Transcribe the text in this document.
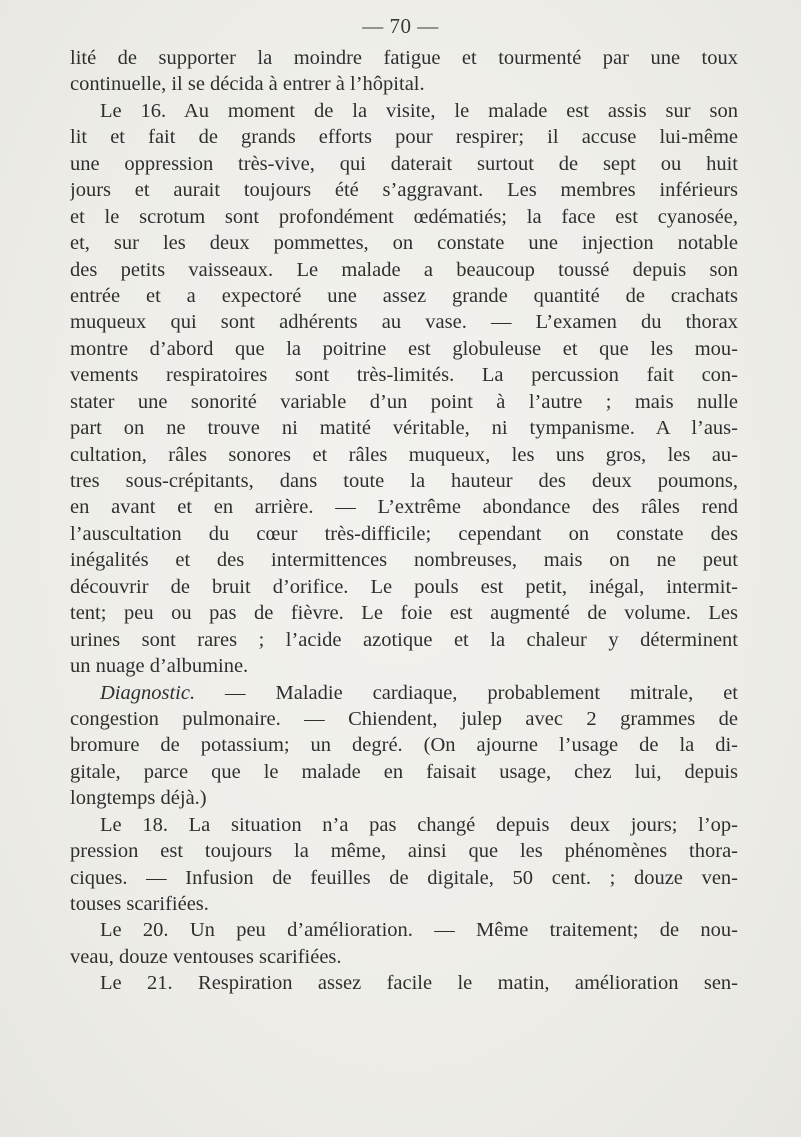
— 70 —
lité de supporter la moindre fatigue et tourmenté par une toux
continuelle, il se décida à entrer à l’hôpital.
Le 16. Au moment de la visite, le malade est assis sur son
lit et fait de grands efforts pour respirer; il accuse lui-même
une oppression très-vive, qui daterait surtout de sept ou huit
jours et aurait toujours été s’aggravant. Les membres inférieurs
et le scrotum sont profondément œdématiés; la face est cyanosée,
et, sur les deux pommettes, on constate une injection notable
des petits vaisseaux. Le malade a beaucoup toussé depuis son
entrée et a expectoré une assez grande quantité de crachats
muqueux qui sont adhérents au vase. — L’examen du thorax
montre d’abord que la poitrine est globuleuse et que les mou-
vements respiratoires sont très-limités. La percussion fait con-
stater une sonorité variable d’un point à l’autre ; mais nulle
part on ne trouve ni matité véritable, ni tympanisme. A l’aus-
cultation, râles sonores et râles muqueux, les uns gros, les au-
tres sous-crépitants, dans toute la hauteur des deux poumons,
en avant et en arrière. — L’extrême abondance des râles rend
l’auscultation du cœur très-difficile; cependant on constate des
inégalités et des intermittences nombreuses, mais on ne peut
découvrir de bruit d’orifice. Le pouls est petit, inégal, intermit-
tent; peu ou pas de fièvre. Le foie est augmenté de volume. Les
urines sont rares ; l’acide azotique et la chaleur y déterminent
un nuage d’albumine.
Diagnostic. — Maladie cardiaque, probablement mitrale, et
congestion pulmonaire. — Chiendent, julep avec 2 grammes de
bromure de potassium; un degré. (On ajourne l’usage de la di-
gitale, parce que le malade en faisait usage, chez lui, depuis
longtemps déjà.)
Le 18. La situation n’a pas changé depuis deux jours; l’op-
pression est toujours la même, ainsi que les phénomènes thora-
ciques. — Infusion de feuilles de digitale, 50 cent. ; douze ven-
touses scarifiées.
Le 20. Un peu d’amélioration. — Même traitement; de nou-
veau, douze ventouses scarifiées.
Le 21. Respiration assez facile le matin, amélioration sen-
